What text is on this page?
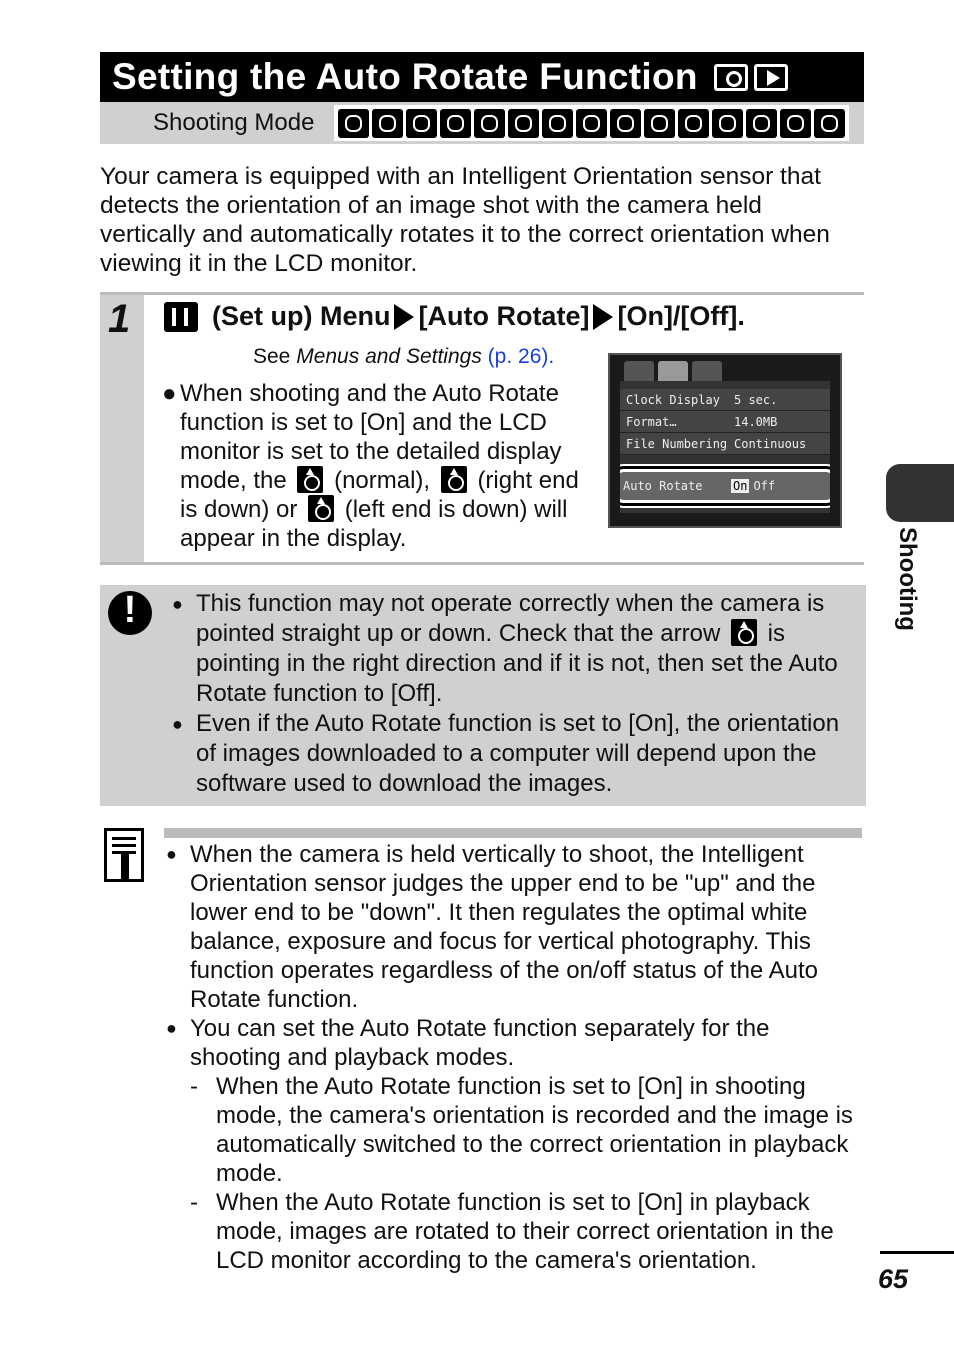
Setting the Auto Rotate Function
Shooting Mode

Your camera is equipped with an Intelligent Orientation sensor that detects the orientation of an image shot with the camera held vertically and automatically rotates it to the correct orientation when viewing it in the LCD monitor.

1	(Set up) Menu [Auto Rotate] [On]/[Off].
See Menus and Settings (p. 26).
● When shooting and the Auto Rotate function is set to [On] and the LCD monitor is set to the detailed display mode, the (normal), (right end is down) or (left end is down) will appear in the display.
Clock Display	5 sec.
Format…	14.0MB
File Numbering Continuous
Auto Rotate	On Off
!
● This function may not operate correctly when the camera is pointed straight up or down. Check that the arrow is pointing in the right direction and if it is not, then set the Auto Rotate function to [Off].
● Even if the Auto Rotate function is set to [On], the orientation of images downloaded to a computer will depend upon the software used to download the images.
● When the camera is held vertically to shoot, the Intelligent Orientation sensor judges the upper end to be "up" and the lower end to be "down". It then regulates the optimal white balance, exposure and focus for vertical photography. This function operates regardless of the on/off status of the Auto Rotate function.
● You can set the Auto Rotate function separately for the shooting and playback modes.
- When the Auto Rotate function is set to [On] in shooting mode, the camera's orientation is recorded and the image is automatically switched to the correct orientation in playback mode.
- When the Auto Rotate function is set to [On] in playback mode, images are rotated to their correct orientation in the LCD monitor according to the camera's orientation.
Shooting
65
